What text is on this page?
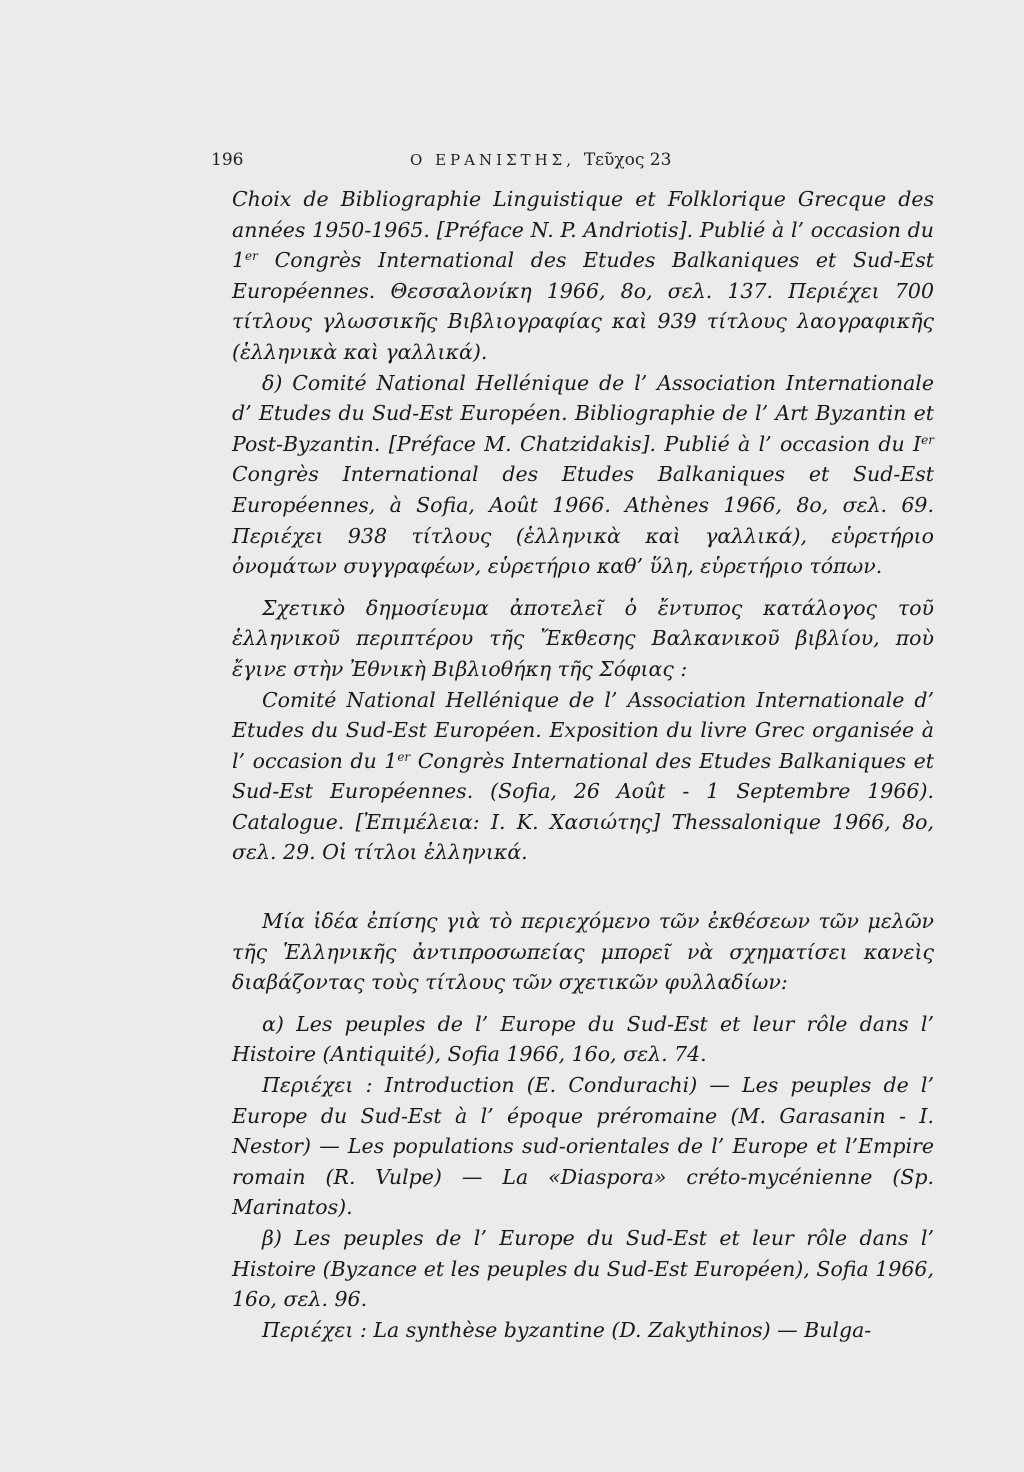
196	Ο ΕΡΑΝΙΣΤΗΣ, Τεῦχος 23

Choix de Bibliographie Linguistique et Folklorique Grecque des années 1950-1965. [Préface N. P. Andriotis]. Publié à l’ occasion du 1er Congrès International des Etudes Balkaniques et Sud-Est Européennes. Θεσσαλονίκη 1966, 8ο, σελ. 137. Περιέχει 700 τίτλους γλωσσικῆς Βιβλιογραφίας καὶ 939 τίτλους λαογραφικῆς (ἑλληνικὰ καὶ γαλλικά).

δ) Comité National Hellénique de l’ Association Internationale d’ Etudes du Sud-Est Européen. Bibliographie de l’ Art Byzantin et Post-Byzantin. [Préface M. Chatzidakis]. Publié à l’ occasion du Ier Congrès International des Etudes Balkaniques et Sud-Est Européennes, à Sofia, Août 1966. Athènes 1966, 8ο, σελ. 69. Περιέχει 938 τίτλους (ἑλληνικὰ καὶ γαλλικά), εὑρετήριο ὀνομάτων συγγραφέων, εὑρετήριο καθ’ ὕλη, εὑρετήριο τόπων.

Σχετικὸ δημοσίευμα ἀποτελεῖ ὁ ἔντυπος κατάλογος τοῦ ἑλληνικοῦ περιπτέρου τῆς Ἔκθεσης Βαλκανικοῦ βιβλίου, ποὺ ἔγινε στὴν Ἐθνικὴ Βιβλιοθήκη τῆς Σόφιας :

Comité National Hellénique de l’ Association Internationale d’ Etudes du Sud-Est Européen. Exposition du livre Grec organisée à l’ occasion du 1er Congrès International des Etudes Balkaniques et Sud-Est Européennes. (Sofia, 26 Août - 1 Septembre 1966). Catalogue. [Ἐπιμέλεια: Ι. Κ. Χασιώτης] Thessalonique 1966, 8ο, σελ. 29. Οἱ τίτλοι ἑλληνικά.

Μία ἰδέα ἐπίσης γιὰ τὸ περιεχόμενο τῶν ἐκθέσεων τῶν μελῶν τῆς Ἑλληνικῆς ἀντιπροσωπείας μπορεῖ νὰ σχηματίσει κανεὶς διαβάζοντας τοὺς τίτλους τῶν σχετικῶν φυλλαδίων:

α) Les peuples de l’ Europe du Sud-Est et leur rôle dans l’ Histoire (Antiquité), Sofia 1966, 16ο, σελ. 74.

Περιέχει : Introduction (E. Condurachi) — Les peuples de l’ Europe du Sud-Est à l’ époque préromaine (M. Garasanin - I. Nestor) — Les populations sud-orientales de l’ Europe et l’Empire romain (R. Vulpe) — La «Diaspora» créto-mycénienne (Sp. Marinatos).

β) Les peuples de l’ Europe du Sud-Est et leur rôle dans l’ Histoire (Byzance et les peuples du Sud-Est Européen), Sofia 1966, 16ο, σελ. 96.

Περιέχει : La synthèse byzantine (D. Zakythinos) — Bulga-
